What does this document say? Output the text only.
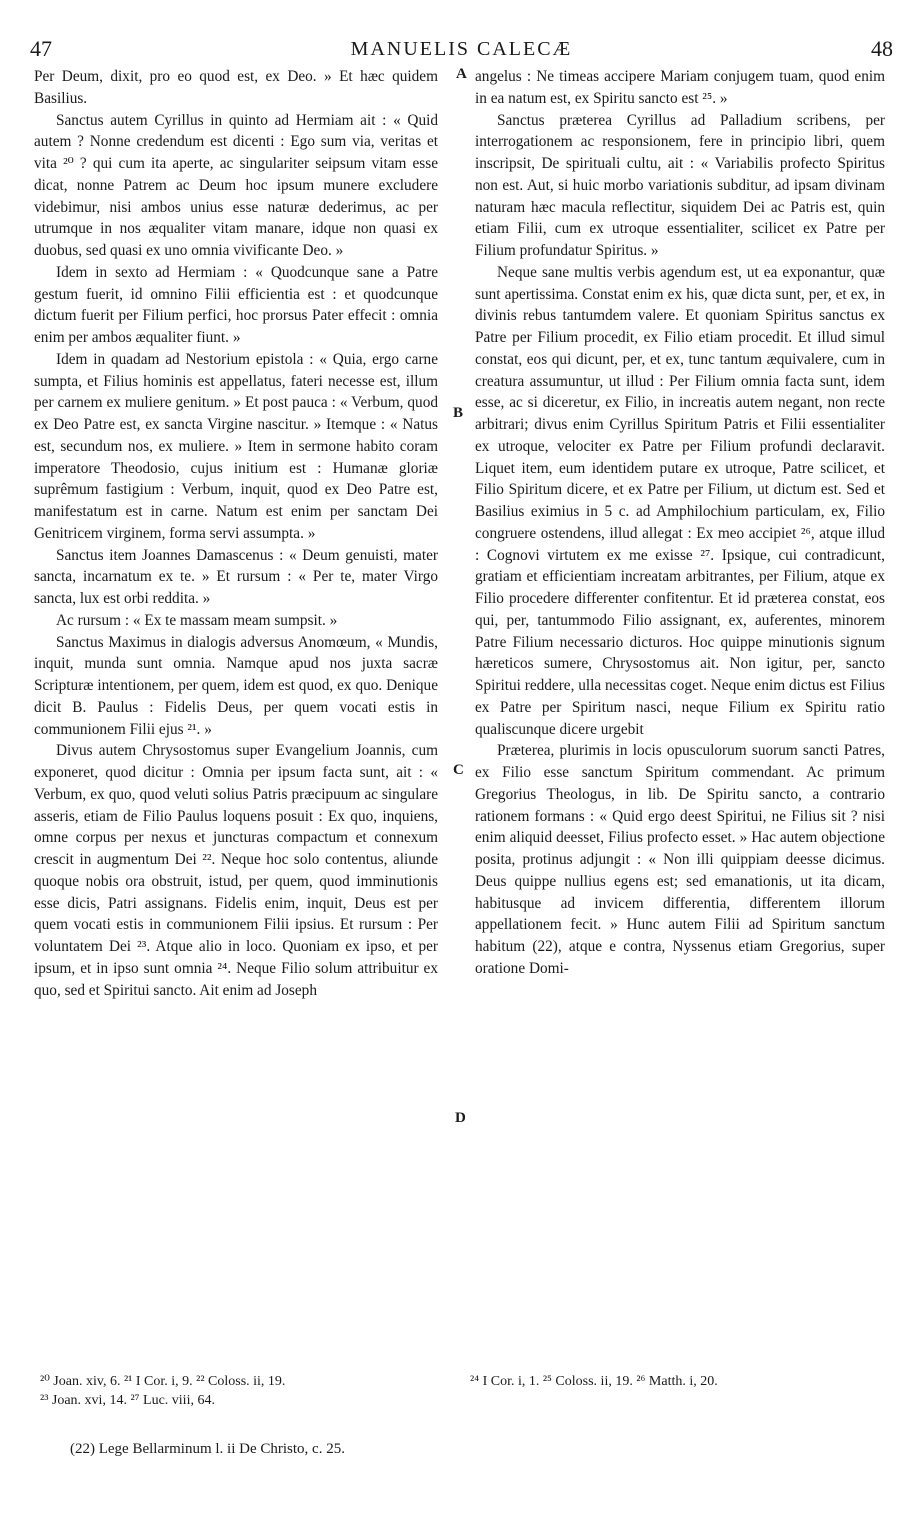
47	MANUELIS CALECÆ	48

Per Deum, dixit, pro eo quod est, ex Deo. » Et hæc quidem Basilius.

Sanctus autem Cyrillus in quinto ad Hermiam ait : « Quid autem ? Nonne credendum est dicenti : Ego sum via, veritas et vita ²⁰ ? qui cum ita aperte, ac singulariter seipsum vitam esse dicat, nonne Patrem ac Deum hoc ipsum munere excludere videbimur, nisi ambos unius esse naturæ dederimus, ac per utrumque in nos æqualiter vitam manare, idque non quasi ex duobus, sed quasi ex uno omnia vivificante Deo. »

Idem in sexto ad Hermiam : « Quodcunque sane a Patre gestum fuerit, id omnino Filii efficientia est : et quodcunque dictum fuerit per Filium perfici, hoc prorsus Pater effecit : omnia enim per ambos æqualiter fiunt. »

Idem in quadam ad Nestorium epistola : « Quia, ergo carne sumpta, et Filius hominis est appellatus, fateri necesse est, illum per carnem ex muliere genitum. » Et post pauca : « Verbum, quod ex Deo Patre est, ex sancta Virgine nascitur. » Itemque : « Natus est, secundum nos, ex muliere. » Item in sermone habito coram imperatore Theodosio, cujus initium est : Humanæ gloriæ suprêmum fastigium : Verbum, inquit, quod ex Deo Patre est, manifestatum est in carne. Natum est enim per sanctam Dei Genitricem virginem, forma servi assumpta. »

Sanctus item Joannes Damascenus : « Deum genuisti, mater sancta, incarnatum ex te. » Et rursum : « Per te, mater Virgo sancta, lux est orbi reddita. »

Ac rursum : « Ex te massam meam sumpsit. »

Sanctus Maximus in dialogis adversus Anomœum, « Mundis, inquit, munda sunt omnia. Namque apud nos juxta sacræ Scripturæ intentionem, per quem, idem est quod, ex quo. Denique dicit B. Paulus : Fidelis Deus, per quem vocati estis in communionem Filii ejus ²¹. »

Divus autem Chrysostomus super Evangelium Joannis, cum exponeret, quod dicitur : Omnia per ipsum facta sunt, ait : « Verbum, ex quo, quod veluti solius Patris præcipuum ac singulare asseris, etiam de Filio Paulus loquens posuit : Ex quo, inquiens, omne corpus per nexus et juncturas compactum et connexum crescit in augmentum Dei ²². Neque hoc solo contentus, aliunde quoque nobis ora obstruit, istud, per quem, quod imminutionis esse dicis, Patri assignans. Fidelis enim, inquit, Deus est per quem vocati estis in communionem Filii ipsius. Et rursum : Per voluntatem Dei ²³. Atque alio in loco. Quoniam ex ipso, et per ipsum, et in ipso sunt omnia ²⁴. Neque Filio solum attribuitur ex quo, sed et Spiritui sancto. Ait enim ad Joseph

A
B
C
D

angelus : Ne timeas accipere Mariam conjugem tuam, quod enim in ea natum est, ex Spiritu sancto est ²⁵. »

Sanctus præterea Cyrillus ad Palladium scribens, per interrogationem ac responsionem, fere in principio libri, quem inscripsit, De spirituali cultu, ait : « Variabilis profecto Spiritus non est. Aut, si huic morbo variationis subditur, ad ipsam divinam naturam hæc macula reflectitur, siquidem Dei ac Patris est, quin etiam Filii, cum ex utroque essentialiter, scilicet ex Patre per Filium profundatur Spiritus. »

Neque sane multis verbis agendum est, ut ea exponantur, quæ sunt apertissima. Constat enim ex his, quæ dicta sunt, per, et ex, in divinis rebus tantumdem valere. Et quoniam Spiritus sanctus ex Patre per Filium procedit, ex Filio etiam procedit. Et illud simul constat, eos qui dicunt, per, et ex, tunc tantum æquivalere, cum in creatura assumuntur, ut illud : Per Filium omnia facta sunt, idem esse, ac si diceretur, ex Filio, in increatis autem negant, non recte arbitrari; divus enim Cyrillus Spiritum Patris et Filii essentialiter ex utroque, velociter ex Patre per Filium profundi declaravit. Liquet item, eum identidem putare ex utroque, Patre scilicet, et Filio Spiritum dicere, et ex Patre per Filium, ut dictum est. Sed et Basilius eximius in 5 c. ad Amphilochium particulam, ex, Filio congruere ostendens, illud allegat : Ex meo accipiet ²⁶, atque illud : Cognovi virtutem ex me exisse ²⁷. Ipsique, cui contradicunt, gratiam et efficientiam increatam arbitrantes, per Filium, atque ex Filio procedere differenter confitentur. Et id præterea constat, eos qui, per, tantummodo Filio assignant, ex, auferentes, minorem Patre Filium necessario dicturos. Hoc quippe minutionis signum hæreticos sumere, Chrysostomus ait. Non igitur, per, sancto Spiritui reddere, ulla necessitas coget. Neque enim dictus est Filius ex Patre per Spiritum nasci, neque Filium ex Spiritu ratio qualiscunque dicere urgebit

Præterea, plurimis in locis opusculorum suorum sancti Patres, ex Filio esse sanctum Spiritum commendant. Ac primum Gregorius Theologus, in lib. De Spiritu sancto, a contrario rationem formans : « Quid ergo deest Spiritui, ne Filius sit ? nisi enim aliquid deesset, Filius profecto esset. » Hac autem objectione posita, protinus adjungit : « Non illi quippiam deesse dicimus. Deus quippe nullius egens est; sed emanationis, ut ita dicam, habitusque ad invicem differentia, differentem illorum appellationem fecit. » Hunc autem Filii ad Spiritum sanctum habitum (22), atque e contra, Nyssenus etiam Gregorius, super oratione Domi-

²⁰ Joan. xiv, 6. ²¹ I Cor. i, 9. ²² Coloss. ii, 19.
²³ Joan. xvi, 14. ²⁷ Luc. viii, 64.
²⁴ I Cor. i, 1. ²⁵ Coloss. ii, 19. ²⁶ Matth. i, 20.
(22) Lege Bellarminum l. ii De Christo, c. 25.
